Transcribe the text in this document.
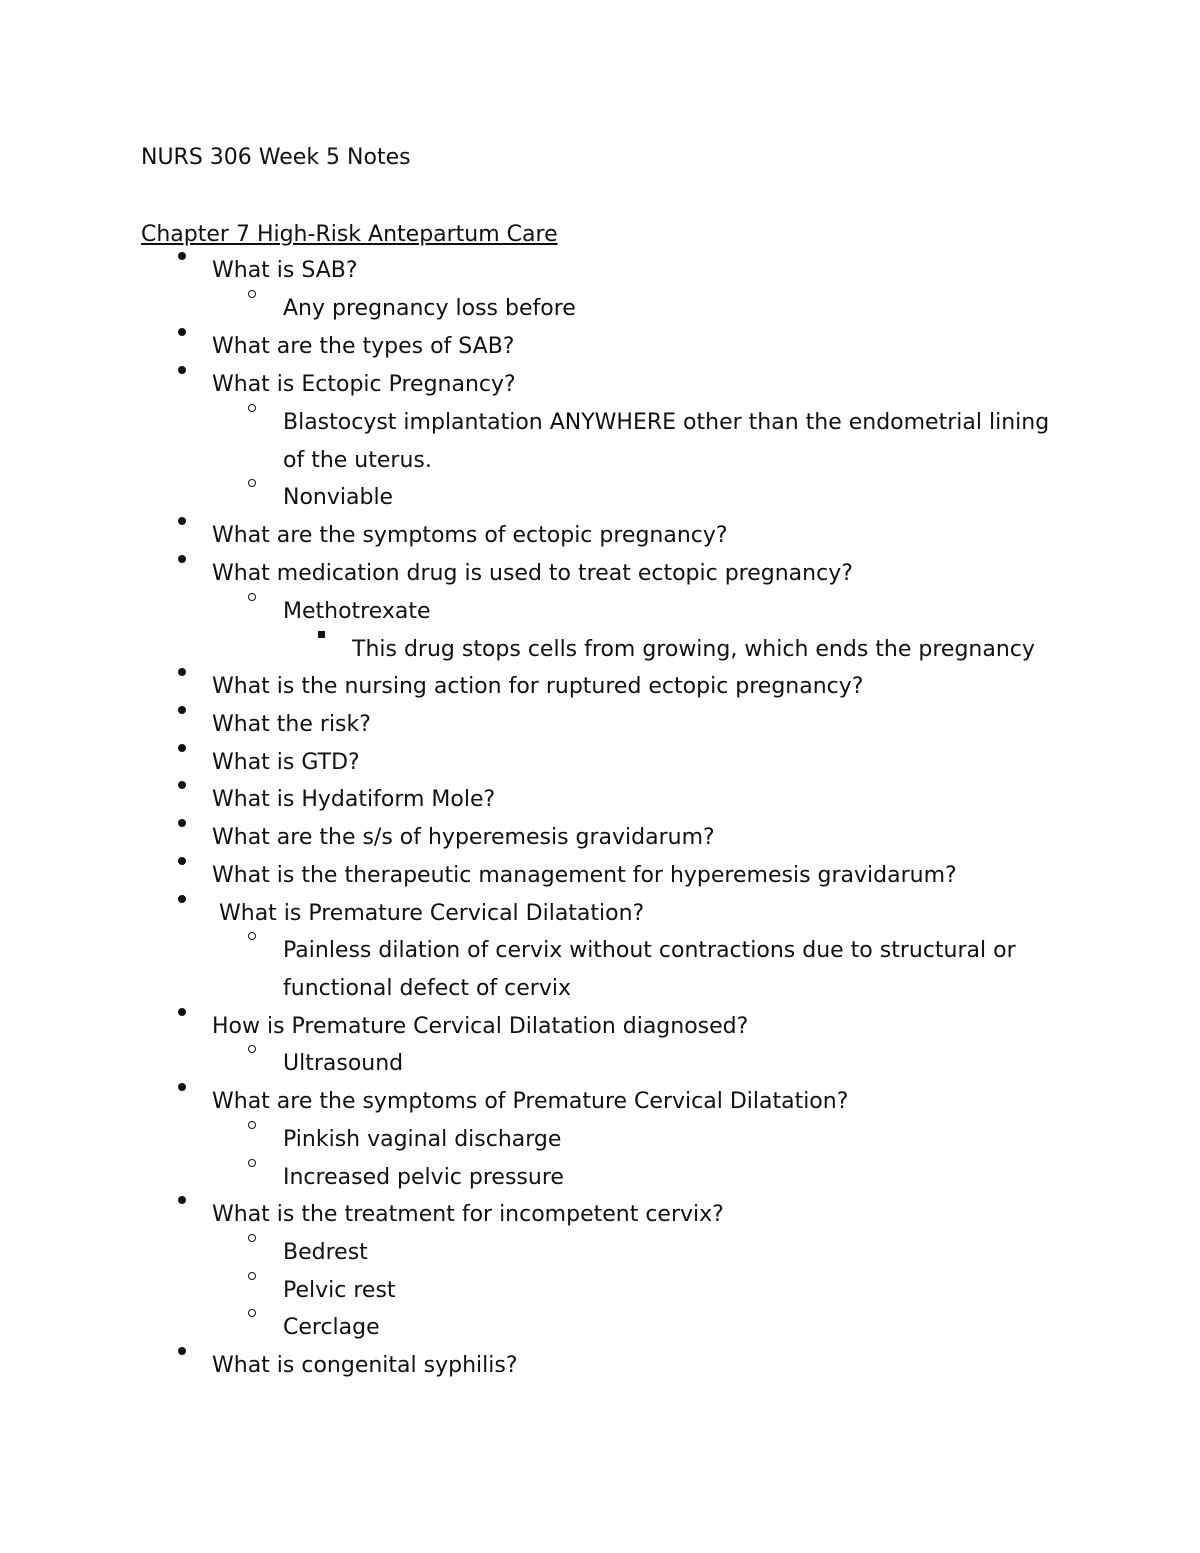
NURS 306 Week 5 Notes
Chapter 7 High-Risk Antepartum Care
What is SAB?
Any pregnancy loss before
What are the types of SAB?
What is Ectopic Pregnancy?
Blastocyst implantation ANYWHERE other than the endometrial lining
of the uterus.
Nonviable
What are the symptoms of ectopic pregnancy?
What medication drug is used to treat ectopic pregnancy?
Methotrexate
This drug stops cells from growing, which ends the pregnancy
What is the nursing action for ruptured ectopic pregnancy?
What the risk?
What is GTD?
What is Hydatiform Mole?
What are the s/s of hyperemesis gravidarum?
What is the therapeutic management for hyperemesis gravidarum?
What is Premature Cervical Dilatation?
Painless dilation of cervix without contractions due to structural or
functional defect of cervix
How is Premature Cervical Dilatation diagnosed?
Ultrasound
What are the symptoms of Premature Cervical Dilatation?
Pinkish vaginal discharge
Increased pelvic pressure
What is the treatment for incompetent cervix?
Bedrest
Pelvic rest
Cerclage
What is congenital syphilis?
